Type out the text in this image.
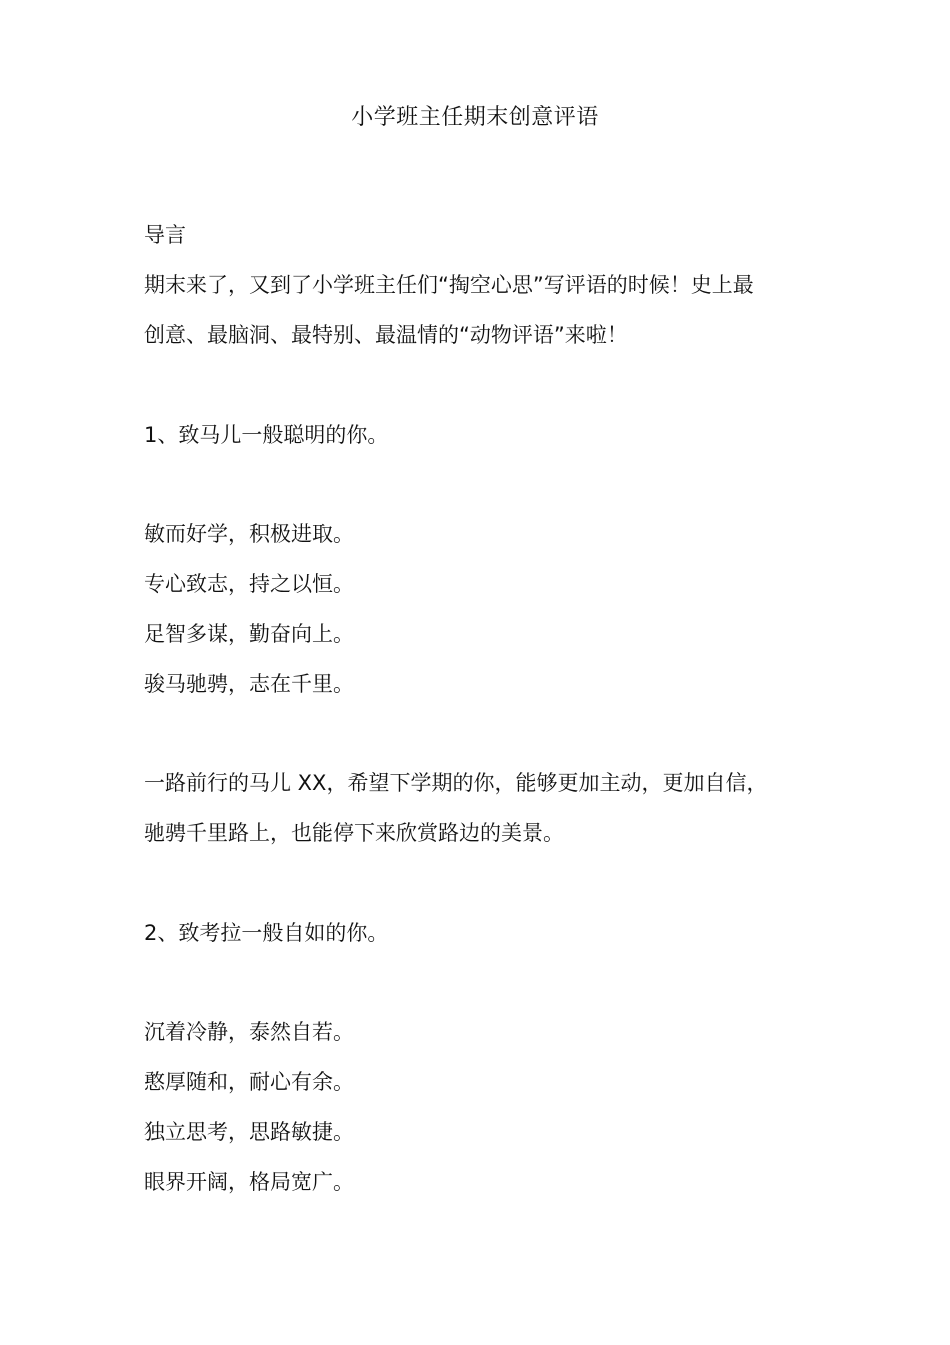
小学班主任期末创意评语
导言
期末来了，又到了小学班主任们“掏空心思”写评语的时候！史上最
创意、最脑洞、最特别、最温情的“动物评语”来啦！
1、致马儿一般聪明的你。
敏而好学，积极进取。
专心致志，持之以恒。
足智多谋，勤奋向上。
骏马驰骋，志在千里。
一路前行的马儿 XX，希望下学期的你，能够更加主动，更加自信，
驰骋千里路上，也能停下来欣赏路边的美景。
2、致考拉一般自如的你。
沉着冷静，泰然自若。
憨厚随和，耐心有余。
独立思考，思路敏捷。
眼界开阔，格局宽广。
